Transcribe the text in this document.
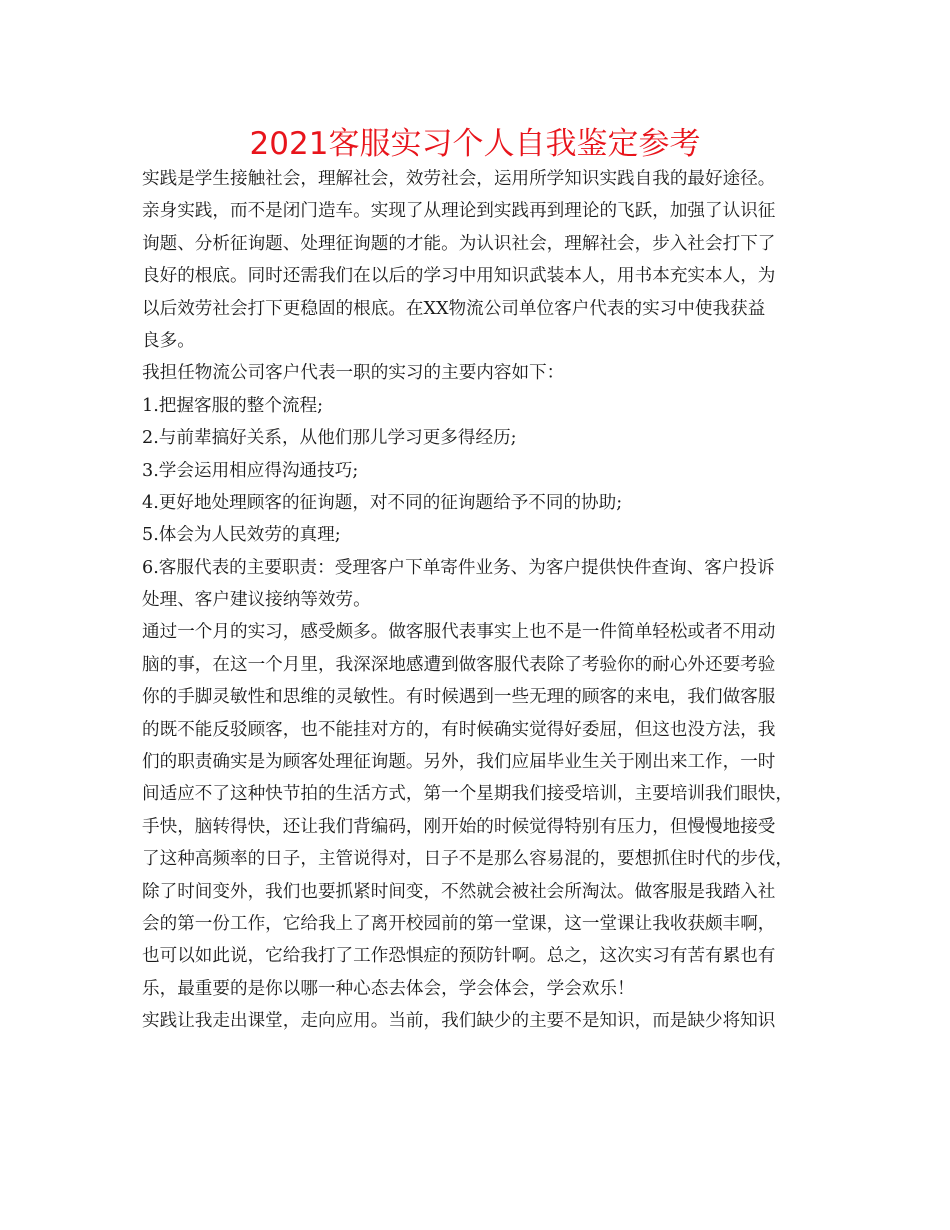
2021客服实习个人自我鉴定参考
实践是学生接触社会，理解社会，效劳社会，运用所学知识实践自我的最好途径。
亲身实践，而不是闭门造车。实现了从理论到实践再到理论的飞跃，加强了认识征
询题、分析征询题、处理征询题的才能。为认识社会，理解社会，步入社会打下了
良好的根底。同时还需我们在以后的学习中用知识武装本人，用书本充实本人，为
以后效劳社会打下更稳固的根底。在XX物流公司单位客户代表的实习中使我获益
良多。
我担任物流公司客户代表一职的实习的主要内容如下：
1.把握客服的整个流程;
2.与前辈搞好关系，从他们那儿学习更多得经历;
3.学会运用相应得沟通技巧;
4.更好地处理顾客的征询题，对不同的征询题给予不同的协助;
5.体会为人民效劳的真理;
6.客服代表的主要职责：受理客户下单寄件业务、为客户提供快件查询、客户投诉
处理、客户建议接纳等效劳。
通过一个月的实习，感受颇多。做客服代表事实上也不是一件简单轻松或者不用动
脑的事，在这一个月里，我深深地感遭到做客服代表除了考验你的耐心外还要考验
你的手脚灵敏性和思维的灵敏性。有时候遇到一些无理的顾客的来电，我们做客服
的既不能反驳顾客，也不能挂对方的，有时候确实觉得好委屈，但这也没方法，我
们的职责确实是为顾客处理征询题。另外，我们应届毕业生关于刚出来工作，一时
间适应不了这种快节拍的生活方式，第一个星期我们接受培训，主要培训我们眼快，
手快，脑转得快，还让我们背编码，刚开始的时候觉得特别有压力，但慢慢地接受
了这种高频率的日子，主管说得对，日子不是那么容易混的，要想抓住时代的步伐，
除了时间变外，我们也要抓紧时间变，不然就会被社会所淘汰。做客服是我踏入社
会的第一份工作，它给我上了离开校园前的第一堂课，这一堂课让我收获颇丰啊，
也可以如此说，它给我打了工作恐惧症的预防针啊。总之，这次实习有苦有累也有
乐，最重要的是你以哪一种心态去体会，学会体会，学会欢乐！
实践让我走出课堂，走向应用。当前，我们缺少的主要不是知识，而是缺少将知识
